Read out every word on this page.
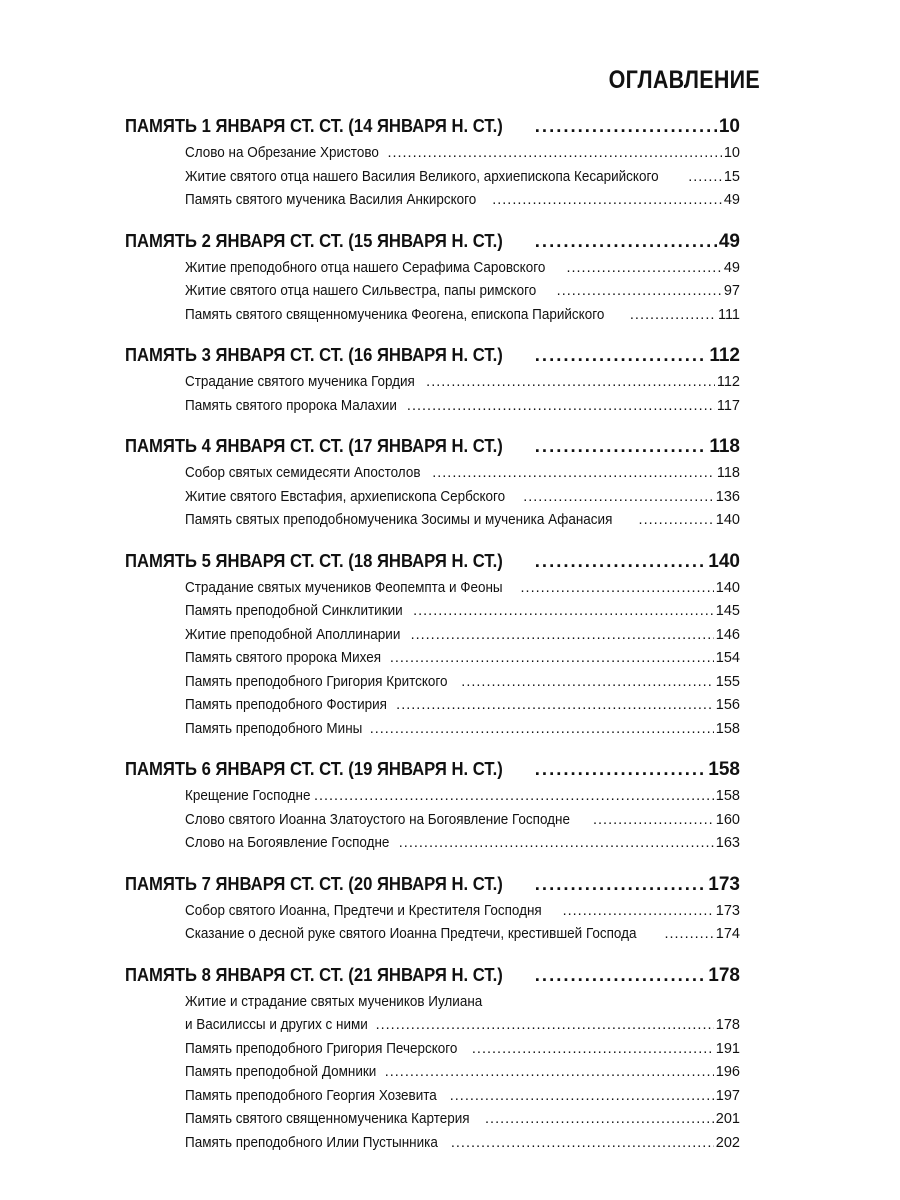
ОГЛАВЛЕНИЕ
ПАМЯТЬ 1 ЯНВАРЯ СТ. СТ. (14 ЯНВАРЯ Н. СТ.) .....	10
Слово на Обрезание Христово .....	10
Житие святого отца нашего Василия Великого, архиепископа Кесарийского .....	15
Память святого мученика Василия Анкирского .....	49
ПАМЯТЬ 2 ЯНВАРЯ СТ. СТ. (15 ЯНВАРЯ Н. СТ.) .....	49
Житие преподобного отца нашего Серафима Саровского .....	49
Житие святого отца нашего Сильвестра, папы римского .....	97
Память святого священномученика Феогена, епископа Парийского .....	111
ПАМЯТЬ 3 ЯНВАРЯ СТ. СТ. (16 ЯНВАРЯ Н. СТ.) .....	112
Страдание святого мученика Гордия .....	112
Память святого пророка Малахии .....	117
ПАМЯТЬ 4 ЯНВАРЯ СТ. СТ. (17 ЯНВАРЯ Н. СТ.) .....	118
Собор святых семидесяти Апостолов .....	118
Житие святого Евстафия, архиепископа Сербского .....	136
Память святых преподобномученика Зосимы и мученика Афанасия .....	140
ПАМЯТЬ 5 ЯНВАРЯ СТ. СТ. (18 ЯНВАРЯ Н. СТ.) .....	140
Страдание святых мучеников Феопемпта и Феоны .....	140
Память преподобной Синклитикии .....	145
Житие преподобной Аполлинарии .....	146
Память святого пророка Михея .....	154
Память преподобного Григория Критского .....	155
Память преподобного Фостирия .....	156
Память преподобного Мины .....	158
ПАМЯТЬ 6 ЯНВАРЯ СТ. СТ. (19 ЯНВАРЯ Н. СТ.) .....	158
Крещение Господне .....	158
Слово святого Иоанна Златоустого на Богоявление Господне .....	160
Слово на Богоявление Господне .....	163
ПАМЯТЬ 7 ЯНВАРЯ СТ. СТ. (20 ЯНВАРЯ Н. СТ.) .....	173
Собор святого Иоанна, Предтечи и Крестителя Господня .....	173
Сказание о десной руке святого Иоанна Предтечи, крестившей Господа .....	174
ПАМЯТЬ 8 ЯНВАРЯ СТ. СТ. (21 ЯНВАРЯ Н. СТ.) .....	178
Житие и страдание святых мучеников Иулиана
и Василиссы и других с ними .....	178
Память преподобного Григория Печерского .....	191
Память преподобной Домники .....	196
Память преподобного Георгия Хозевита .....	197
Память святого священномученика Картерия .....	201
Память преподобного Илии Пустынника .....	202
